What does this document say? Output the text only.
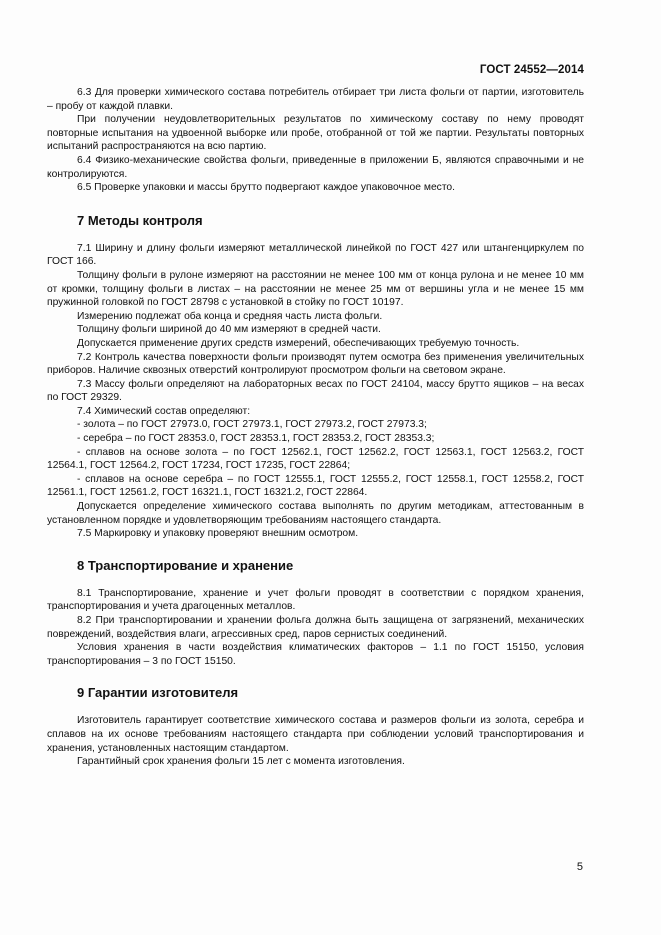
ГОСТ 24552—2014

6.3 Для проверки химического состава потребитель отбирает три листа фольги от партии, изготовитель – пробу от каждой плавки.

При получении неудовлетворительных результатов по химическому составу по нему проводят повторные испытания на удвоенной выборке или пробе, отобранной от той же партии. Результаты повторных испытаний распространяются на всю партию.

6.4 Физико-механические свойства фольги, приведенные в приложении Б, являются справочными и не контролируются.

6.5 Проверке упаковки и массы брутто подвергают каждое упаковочное место.

7 Методы контроля

7.1 Ширину и длину фольги измеряют металлической линейкой по ГОСТ 427 или штангенциркулем по ГОСТ 166.

Толщину фольги в рулоне измеряют на расстоянии не менее 100 мм от конца рулона и не менее 10 мм от кромки, толщину фольги в листах – на расстоянии не менее 25 мм от вершины угла и не менее 15 мм пружинной головкой по ГОСТ 28798 с установкой в стойку по ГОСТ 10197.

Измерению подлежат оба конца и средняя часть листа фольги.

Толщину фольги шириной до 40 мм измеряют в средней части.

Допускается применение других средств измерений, обеспечивающих требуемую точность.

7.2 Контроль качества поверхности фольги производят путем осмотра без применения увеличительных приборов. Наличие сквозных отверстий контролируют просмотром фольги на световом экране.

7.3 Массу фольги определяют на лабораторных весах по ГОСТ 24104, массу брутто ящиков – на весах по ГОСТ 29329.

7.4 Химический состав определяют:

- золота – по ГОСТ 27973.0, ГОСТ 27973.1, ГОСТ 27973.2, ГОСТ 27973.3;

- серебра – по ГОСТ 28353.0, ГОСТ 28353.1, ГОСТ 28353.2, ГОСТ 28353.3;

- сплавов на основе золота – по ГОСТ 12562.1, ГОСТ 12562.2, ГОСТ 12563.1, ГОСТ 12563.2, ГОСТ 12564.1, ГОСТ 12564.2, ГОСТ 17234, ГОСТ 17235, ГОСТ 22864;

- сплавов на основе серебра – по ГОСТ 12555.1, ГОСТ 12555.2, ГОСТ 12558.1, ГОСТ 12558.2, ГОСТ 12561.1, ГОСТ 12561.2, ГОСТ 16321.1, ГОСТ 16321.2, ГОСТ 22864.

Допускается определение химического состава выполнять по другим методикам, аттестованным в установленном порядке и удовлетворяющим требованиям настоящего стандарта.

7.5 Маркировку и упаковку проверяют внешним осмотром.

8 Транспортирование и хранение

8.1 Транспортирование, хранение и учет фольги проводят в соответствии с порядком хранения, транспортирования и учета драгоценных металлов.

8.2 При транспортировании и хранении фольга должна быть защищена от загрязнений, механических повреждений, воздействия влаги, агрессивных сред, паров сернистых соединений.

Условия хранения в части воздействия климатических факторов – 1.1 по ГОСТ 15150, условия транспортирования – 3 по ГОСТ 15150.

9 Гарантии изготовителя

Изготовитель гарантирует соответствие химического состава и размеров фольги из золота, серебра и сплавов на их основе требованиям настоящего стандарта при соблюдении условий транспортирования и хранения, установленных настоящим стандартом.

Гарантийный срок хранения фольги 15 лет с момента изготовления.

5
